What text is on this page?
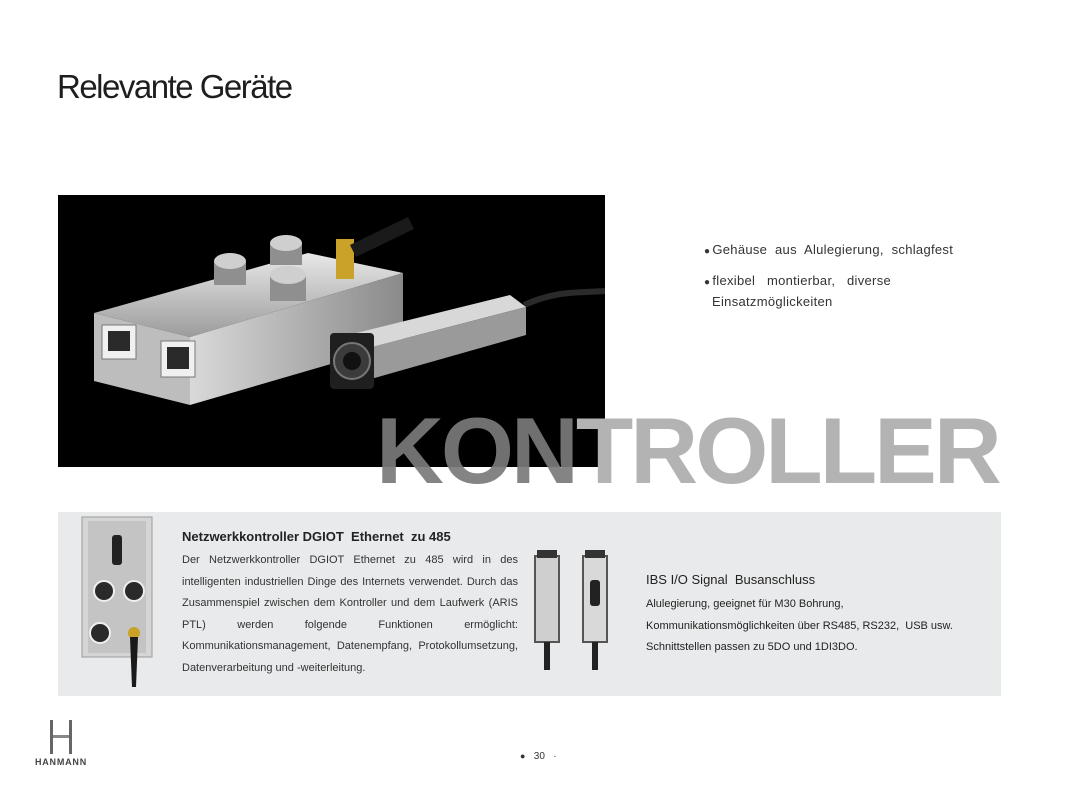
Relevante Geräte
● Gehäuse  aus  Alulegierung,  schlagfest
● flexibel   montierbar,   diverse
Einsatzmöglickeiten
KONTROLLER
Netzwerkkontroller DGIOT  Ethernet  zu 485
Der Netzwerkkontroller DGIOT Ethernet zu 485 wird in des intelligenten industriellen Dinge des Internets verwendet. Durch das Zusammenspiel zwischen dem Kontroller und dem Laufwerk (ARIS PTL) werden folgende Funktionen ermöglicht: Kommunikationsmanagement, Datenempfang, Protokollumsetzung, Datenverarbeitung und -weiterleitung.
IBS I/O Signal  Busanschluss
Alulegierung, geeignet für M30 Bohrung,
Kommunikationsmöglichkeiten über RS485, RS232,  USB usw.
Schnittstellen passen zu 5DO und 1DI3DO.
HANMANN
● 30 ·
